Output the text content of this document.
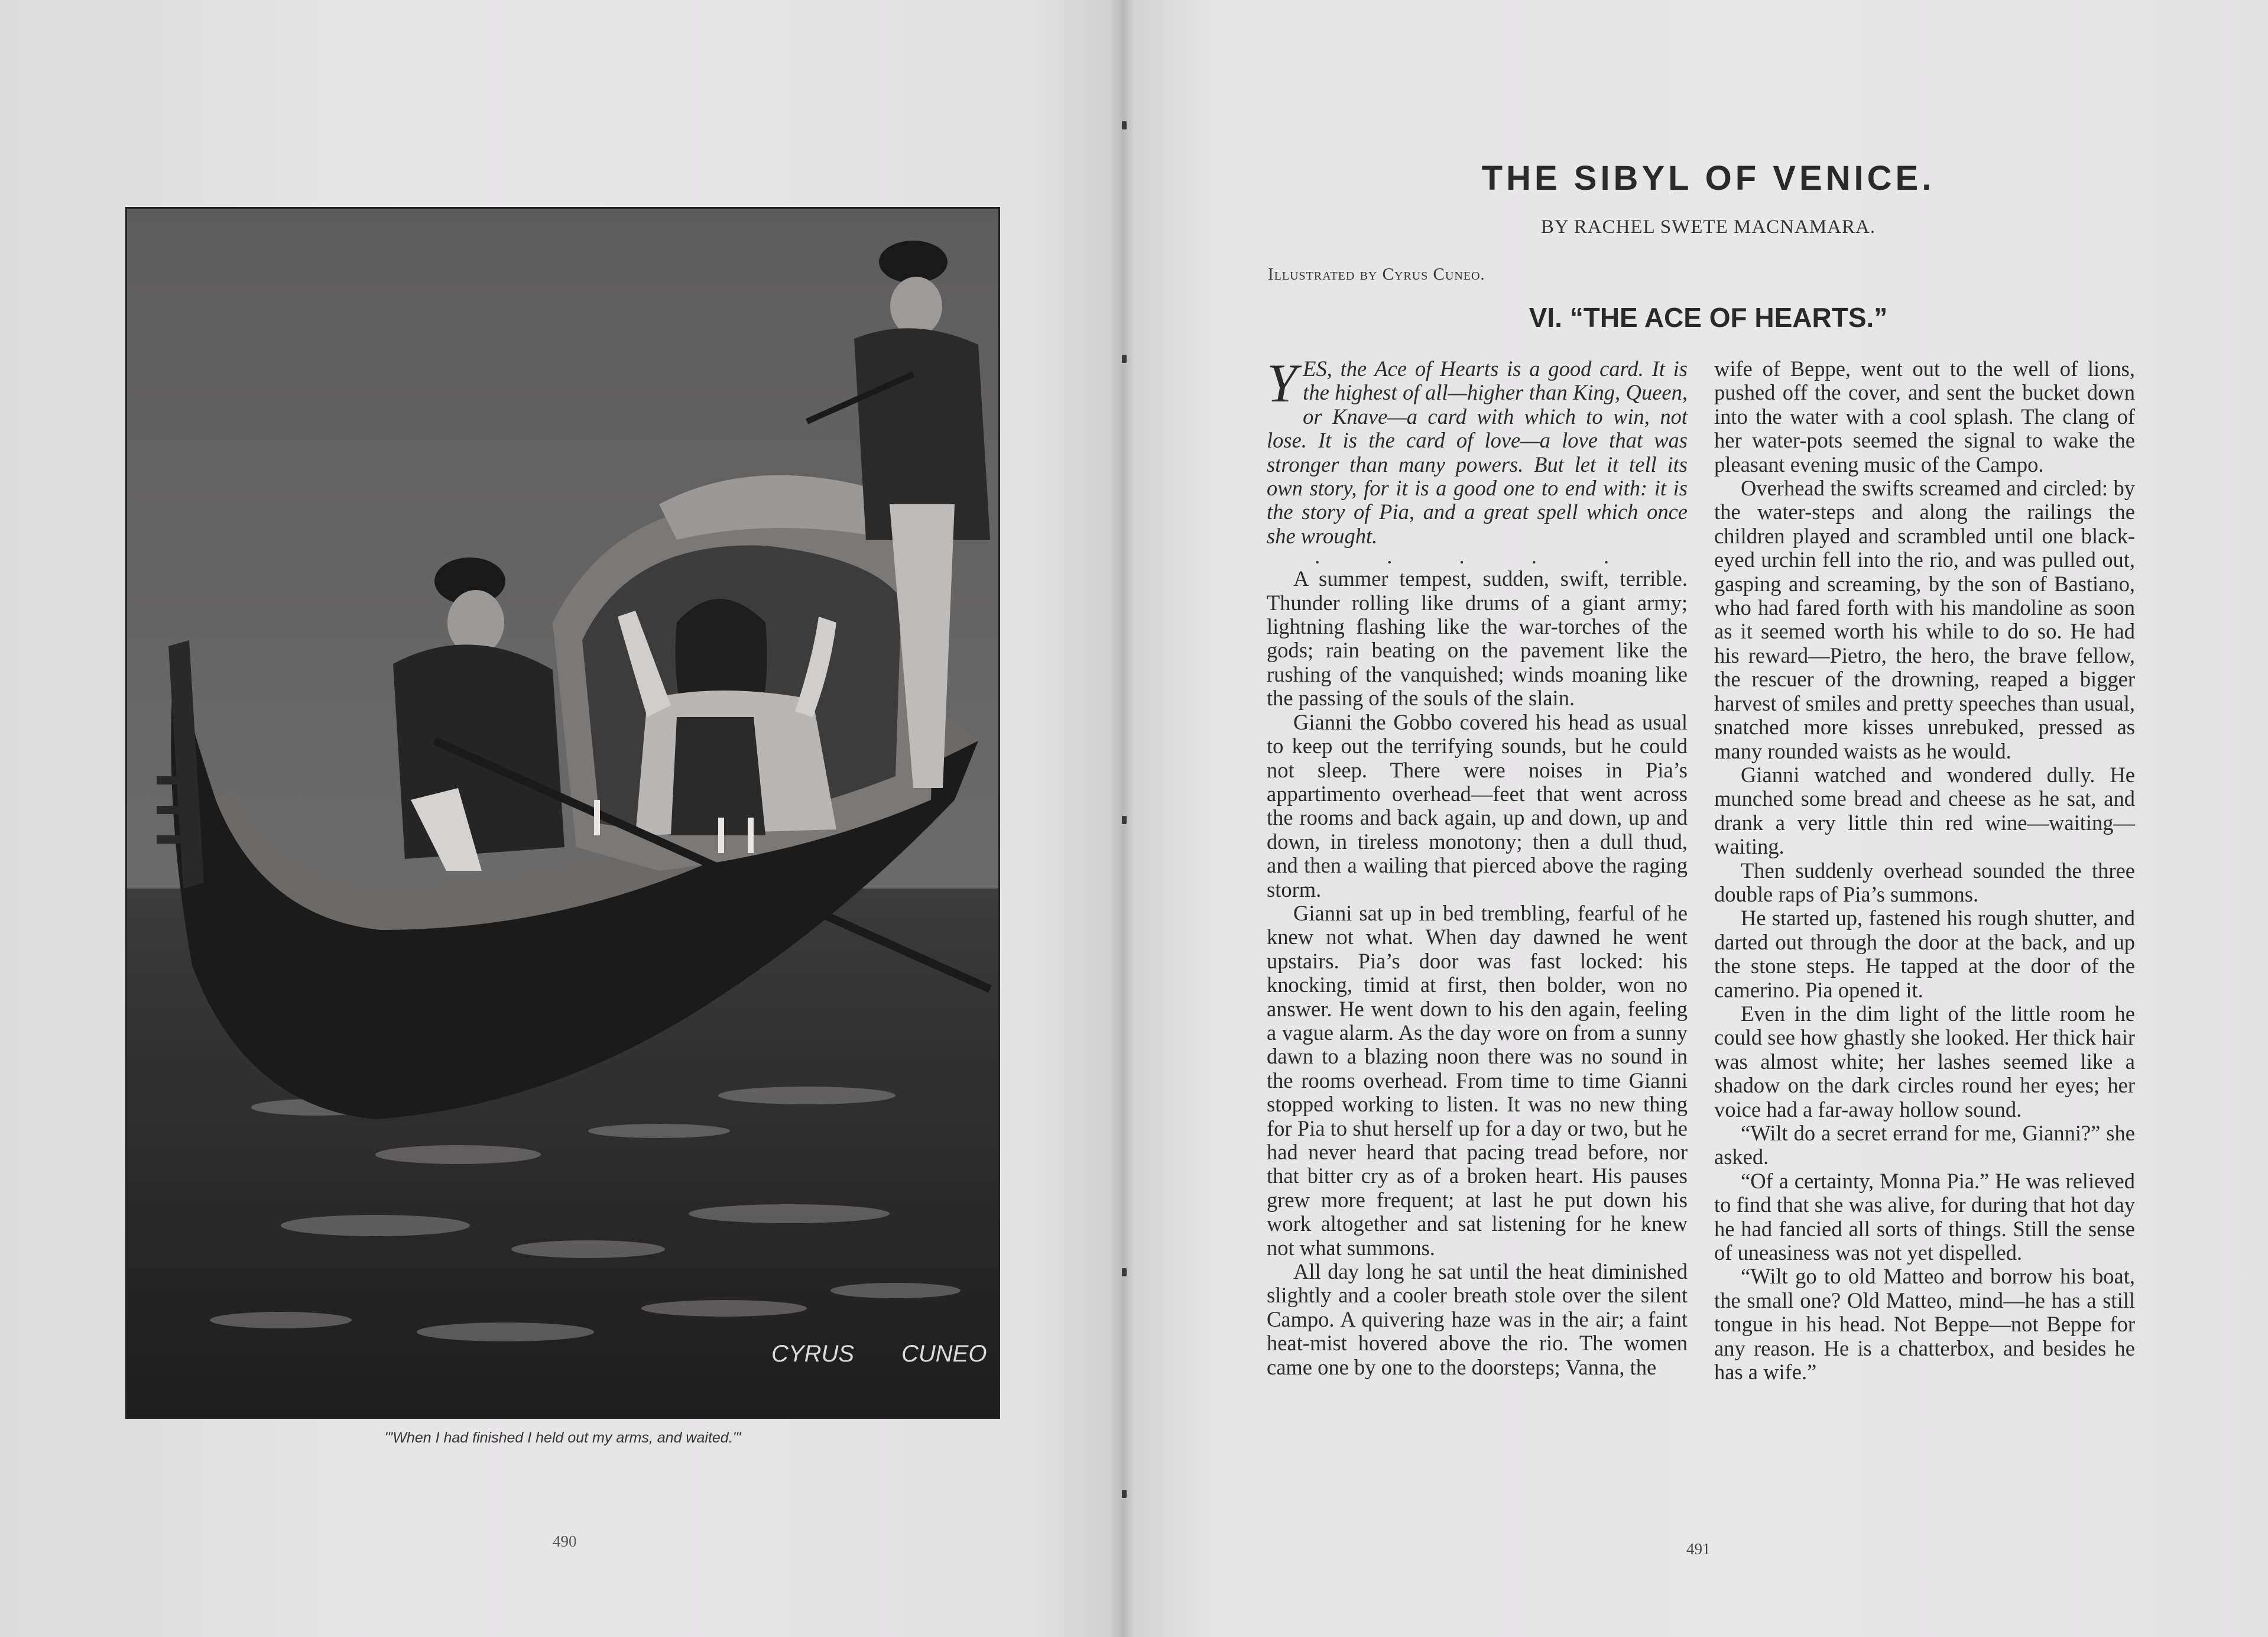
CYRUS CUNEO
"'When I had finished I held out my arms, and waited.'"
490
THE SIBYL OF VENICE.
BY RACHEL SWETE MACNAMARA.
Illustrated by Cyrus Cuneo.
VI. “THE ACE OF HEARTS.”

YES, the Ace of Hearts is a good card. It is the highest of all—higher than King, Queen, or Knave—a card with which to win, not lose. It is the card of love—a love that was stronger than many powers. But let it tell its own story, for it is a good one to end with: it is the story of Pia, and a great spell which once she wrought.

. . . . .

A summer tempest, sudden, swift, terrible. Thunder rolling like drums of a giant army; lightning flashing like the war-torches of the gods; rain beating on the pavement like the rushing of the vanquished; winds moaning like the passing of the souls of the slain.

Gianni the Gobbo covered his head as usual to keep out the terrifying sounds, but he could not sleep. There were noises in Pia’s appartimento overhead—feet that went across the rooms and back again, up and down, up and down, in tireless monotony; then a dull thud, and then a wailing that pierced above the raging storm.

Gianni sat up in bed trembling, fearful of he knew not what. When day dawned he went upstairs. Pia’s door was fast locked: his knocking, timid at first, then bolder, won no answer. He went down to his den again, feeling a vague alarm. As the day wore on from a sunny dawn to a blazing noon there was no sound in the rooms overhead. From time to time Gianni stopped working to listen. It was no new thing for Pia to shut herself up for a day or two, but he had never heard that pacing tread before, nor that bitter cry as of a broken heart. His pauses grew more frequent; at last he put down his work altogether and sat listening for he knew not what summons.

All day long he sat until the heat diminished slightly and a cooler breath stole over the silent Campo. A quivering haze was in the air; a faint heat-mist hovered above the rio. The women came one by one to the doorsteps; Vanna, the

wife of Beppe, went out to the well of lions, pushed off the cover, and sent the bucket down into the water with a cool splash. The clang of her water-pots seemed the signal to wake the pleasant evening music of the Campo.

Overhead the swifts screamed and circled: by the water-steps and along the railings the children played and scrambled until one black-eyed urchin fell into the rio, and was pulled out, gasping and screaming, by the son of Bastiano, who had fared forth with his mandoline as soon as it seemed worth his while to do so. He had his reward—Pietro, the hero, the brave fellow, the rescuer of the drowning, reaped a bigger harvest of smiles and pretty speeches than usual, snatched more kisses unrebuked, pressed as many rounded waists as he would.

Gianni watched and wondered dully. He munched some bread and cheese as he sat, and drank a very little thin red wine—waiting—waiting.

Then suddenly overhead sounded the three double raps of Pia’s summons.

He started up, fastened his rough shutter, and darted out through the door at the back, and up the stone steps. He tapped at the door of the camerino. Pia opened it.

Even in the dim light of the little room he could see how ghastly she looked. Her thick hair was almost white; her lashes seemed like a shadow on the dark circles round her eyes; her voice had a far-away hollow sound.

“Wilt do a secret errand for me, Gianni?” she asked.

“Of a certainty, Monna Pia.” He was relieved to find that she was alive, for during that hot day he had fancied all sorts of things. Still the sense of uneasiness was not yet dispelled.

“Wilt go to old Matteo and borrow his boat, the small one? Old Matteo, mind—he has a still tongue in his head. Not Beppe—not Beppe for any reason. He is a chatterbox, and besides he has a wife.”

491
